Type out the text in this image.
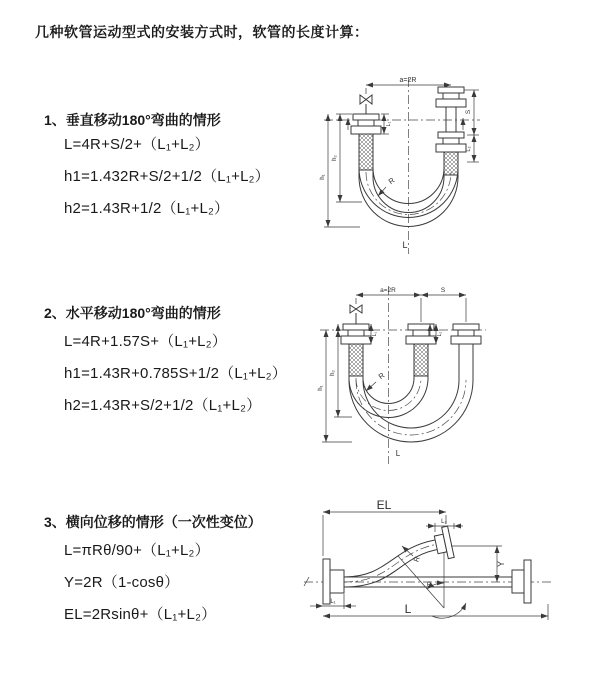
几种软管运动型式的安装方式时，软管的长度计算：
1、垂直移动180°弯曲的情形
L=4R+S/2+（L₁+L₂）
h1=1.432R+S/2+1/2（L₁+L₂）
h2=1.43R+1/2（L₁+L₂）
2、水平移动180°弯曲的情形
L=4R+1.57S+（L₁+L₂）
h1=1.43R+0.785S+1/2（L₁+L₂）
h2=1.43R+S/2+1/2（L₁+L₂）
3、横向位移的情形（一次性变位）
L=πRθ/90+（L₁+L₂）
Y=2R（1-cosθ）
EL=2Rsinθ+（L₁+L₂）
a=2R
L₁
S
L₂
h₂
h₁	R
L
a=2R	S
L₁	L₂
h₂
h₁
R
L
EL
L₂
Y
θ
R
L
L₁
